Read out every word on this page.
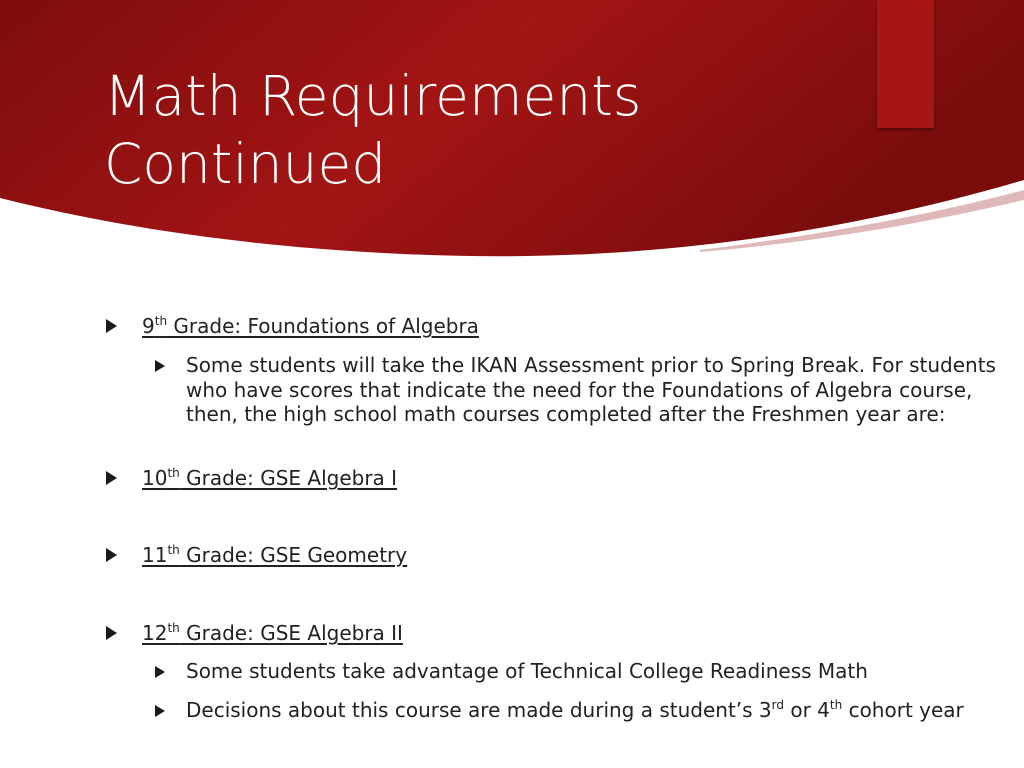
Math Requirements
Continued
9th Grade: Foundations of Algebra
Some students will take the IKAN Assessment prior to Spring Break. For students who have scores that indicate the need for the Foundations of Algebra course, then, the high school math courses completed after the Freshmen year are:
10th Grade: GSE Algebra I
11th Grade: GSE Geometry
12th Grade: GSE Algebra II
Some students take advantage of Technical College Readiness Math
Decisions about this course are made during a student’s 3rd or 4th cohort year
